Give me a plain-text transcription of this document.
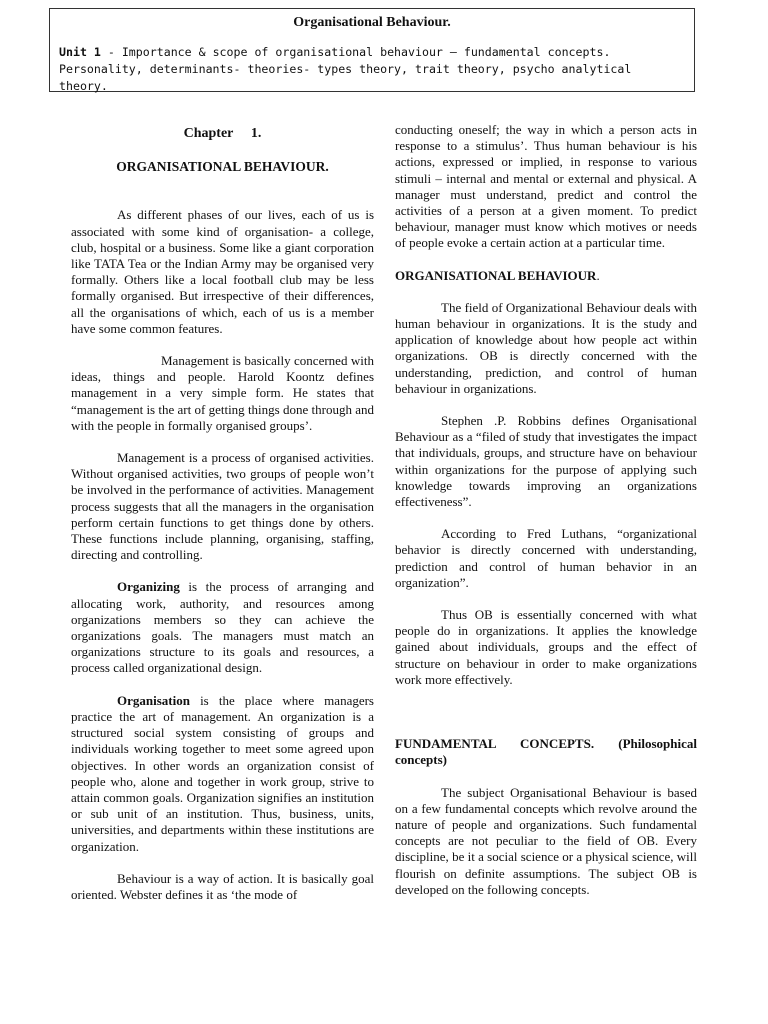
Organisational Behaviour.
Unit 1 - Importance & scope of organisational behaviour – fundamental concepts. Personality, determinants- theories- types theory, trait theory, psycho analytical theory.

Chapter     1.

ORGANISATIONAL BEHAVIOUR.

As different phases of our lives, each of us is associated with some kind of organisation- a college, club, hospital or a business. Some like a giant corporation like TATA Tea or the Indian Army may be organised very formally. Others like a local football club may be less formally organised. But irrespective of their differences, all the organisations of which, each of us is a member have some common features.

Management is basically concerned with ideas, things and people. Harold Koontz defines management in a very simple form. He states that “management is the art of getting things done through and with the people in formally organised groups’.

Management is a process of organised activities. Without organised activities, two groups of people won’t be involved in the performance of activities. Management process suggests that all the managers in the organisation perform certain functions to get things done by others. These functions include planning, organising, staffing, directing and controlling.

Organizing is the process of arranging and allocating work, authority, and resources among organizations members so they can achieve the organizations goals. The managers must match an organizations structure to its goals and resources, a process called organizational design.

Organisation is the place where managers practice the art of management. An organization is a structured social system consisting of groups and individuals working together to meet some agreed upon objectives. In other words an organization consist of people who, alone and together in work group, strive to attain common goals. Organization signifies an institution or sub unit of an institution. Thus, business, units, universities, and departments within these institutions are organization.

Behaviour is a way of action. It is basically goal oriented. Webster defines it as ‘the mode of

conducting oneself; the way in which a person acts in response to a stimulus’. Thus human behaviour is his actions, expressed or implied, in response to various stimuli – internal and mental or external and physical. A manager must understand, predict and control the activities of a person at a given moment. To predict behaviour, manager must know which motives or needs of people evoke a certain action at a particular time.

ORGANISATIONAL BEHAVIOUR.

The field of Organizational Behaviour deals with human behaviour in organizations. It is the study and application of knowledge about how people act within organizations. OB is directly concerned with the understanding, prediction, and control of human behaviour in organizations.

Stephen .P. Robbins defines Organisational Behaviour as a “filed of study that investigates the impact that individuals, groups, and structure have on behaviour within organizations for the purpose of applying such knowledge towards improving an organizations effectiveness”.

According to Fred Luthans, “organizational behavior is directly concerned with understanding, prediction and control of human behavior in an organization”.

Thus OB is essentially concerned with what people do in organizations. It applies the knowledge gained about individuals, groups and the effect of structure on behaviour in order to make organizations work more effectively.

FUNDAMENTAL CONCEPTS. (Philosophical concepts)

The subject Organisational Behaviour is based on a few fundamental concepts which revolve around the nature of people and organizations. Such fundamental concepts are not peculiar to the field of OB. Every discipline, be it a social science or a physical science, will flourish on definite assumptions. The subject OB is developed on the following concepts.
